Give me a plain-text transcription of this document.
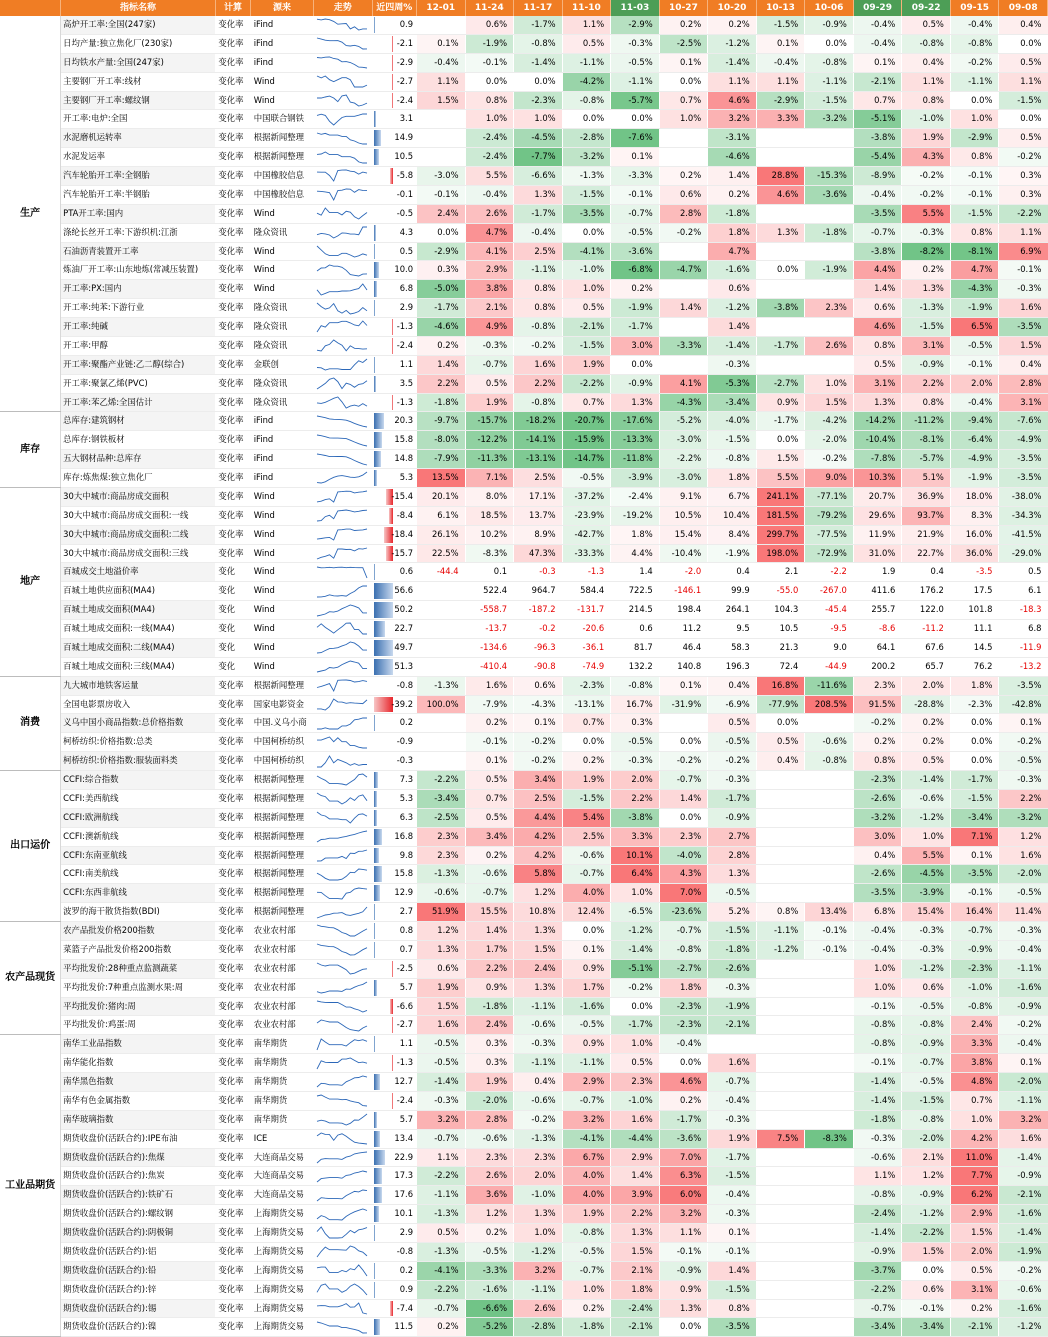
	指标名称	计算	源来	走势	近四周%	12-01	11-24	11-17	11-10	11-03	10-27	10-20	10-13	10-06	09-29	09-22	09-15	09-08
生产	高炉开工率:全国(247家)	变化率	iFind		0.9		0.6%	-1.7%	1.1%	-2.9%	0.2%	0.2%	-1.5%	-0.9%	-0.4%	0.5%	-0.4%	0.4%
	日均产量:独立焦化厂(230家)	变化率	iFind		-2.1	0.1%	-1.9%	-0.8%	0.5%	-0.3%	-2.5%	-1.2%	0.1%	0.0%	-0.4%	-0.8%	-0.8%	0.0%
	日均铁水产量:全国(247家)	变化率	iFind		-2.9	-0.4%	-0.1%	-1.4%	-1.1%	-0.5%	0.1%	-1.4%	-0.4%	-0.8%	0.1%	0.4%	-0.2%	0.5%
	主要钢厂开工率:线材	变化率	Wind		-2.7	1.1%	0.0%	0.0%	-4.2%	-1.1%	0.0%	1.1%	1.1%	-1.1%	-2.1%	1.1%	-1.1%	1.1%
	主要钢厂开工率:螺纹钢	变化率	Wind		-2.4	1.5%	0.8%	-2.3%	-0.8%	-5.7%	0.7%	4.6%	-2.9%	-1.5%	0.7%	0.8%	0.0%	-1.5%
	开工率:电炉:全国	变化率	中国联合钢铁		3.1		1.0%	1.0%	0.0%	0.0%	1.0%	3.2%	3.3%	-3.2%	-5.1%	-1.0%	1.0%	0.0%
	水泥磨机运转率	变化率	根据新闻整理		14.9		-2.4%	-4.5%	-2.8%	-7.6%		-3.1%			-3.8%	1.9%	-2.9%	0.5%
	水泥发运率	变化率	根据新闻整理		10.5		-2.4%	-7.7%	-3.2%	0.1%		-4.6%			-5.4%	4.3%	0.8%	-0.2%
	汽车轮胎开工率:全钢胎	变化率	中国橡胶信息		-5.8	-3.0%	5.5%	-6.6%	-1.3%	-3.3%	0.2%	1.4%	28.8%	-15.3%	-8.9%	-0.2%	-0.1%	0.3%
	汽车轮胎开工率:半钢胎	变化率	中国橡胶信息		-0.1	-0.1%	-0.4%	1.3%	-1.5%	-0.1%	0.6%	0.2%	4.6%	-3.6%	-0.4%	-0.2%	-0.1%	0.3%
	PTA开工率:国内	变化率	Wind		-0.5	2.4%	2.6%	-1.7%	-3.5%	-0.7%	2.8%	-1.8%			-3.5%	5.5%	-1.5%	-2.2%
	涤纶长丝开工率:下游织机:江浙	变化率	隆众资讯		4.3	0.0%	4.7%	-0.4%	0.0%	-0.5%	-0.2%	1.8%	1.3%	-1.8%	-0.7%	-0.3%	0.8%	1.1%
	石油沥青装置开工率	变化率	Wind		0.5	-2.9%	4.1%	2.5%	-4.1%	-3.6%		4.7%			-3.8%	-8.2%	-8.1%	6.9%
	炼油厂开工率:山东地炼(常减压装置)	变化率	Wind		10.0	0.3%	2.9%	-1.1%	-1.0%	-6.8%	-4.7%	-1.6%	0.0%	-1.9%	4.4%	0.2%	4.7%	-0.1%
	开工率:PX:国内	变化率	Wind		6.8	-5.0%	3.8%	0.8%	1.0%	0.2%		0.6%			1.4%	1.3%	-4.3%	-0.3%
	开工率:纯苯:下游行业	变化率	隆众资讯		2.9	-1.7%	2.1%	0.8%	0.5%	-1.9%	1.4%	-1.2%	-3.8%	2.3%	0.6%	-1.3%	-1.9%	1.6%
	开工率:纯碱	变化率	隆众资讯		-1.3	-4.6%	4.9%	-0.8%	-2.1%	-1.7%		1.4%			4.6%	-1.5%	6.5%	-3.5%
	开工率:甲醇	变化率	隆众资讯		-2.4	0.2%	-0.3%	-0.2%	-1.5%	3.0%	-3.3%	-1.4%	-1.7%	2.6%	0.8%	3.1%	-0.5%	1.5%
	开工率:聚酯产业链:乙二醇(综合)	变化率	金联创		1.1	1.4%	-0.7%	1.6%	1.9%	0.0%		-0.3%			0.5%	-0.9%	-0.1%	0.4%
	开工率:聚氯乙烯(PVC)	变化率	隆众资讯		3.5	2.2%	0.5%	2.2%	-2.2%	-0.9%	4.1%	-5.3%	-2.7%	1.0%	3.1%	2.2%	2.0%	2.8%
	开工率:苯乙烯:全国估计	变化率	隆众资讯		-1.3	-1.8%	1.9%	-0.8%	0.7%	1.3%	-4.3%	-3.4%	0.9%	1.5%	1.3%	0.8%	-0.4%	3.1%
库存	总库存:建筑钢材	变化率	iFind		20.3	-9.7%	-15.7%	-18.2%	-20.7%	-17.6%	-5.2%	-4.0%	-1.7%	-4.2%	-14.2%	-11.2%	-9.4%	-7.6%
	总库存:钢铁板材	变化率	iFind		15.8	-8.0%	-12.2%	-14.1%	-15.9%	-13.3%	-3.0%	-1.5%	0.0%	-2.0%	-10.4%	-8.1%	-6.4%	-4.9%
	五大钢材品种:总库存	变化率	iFind		14.8	-7.9%	-11.3%	-13.1%	-14.7%	-11.8%	-2.2%	-0.8%	1.5%	-0.2%	-7.8%	-5.7%	-4.9%	-3.5%
	库存:炼焦煤:独立焦化厂	变化率	iFind		5.3	13.5%	7.1%	2.5%	-0.5%	-3.9%	-3.0%	1.8%	5.5%	9.0%	10.3%	5.1%	-1.9%	-3.5%
地产	30大中城市:商品房成交面积	变化率	Wind		-15.4	20.1%	8.0%	17.1%	-37.2%	-2.4%	9.1%	6.7%	241.1%	-77.1%	20.7%	36.9%	18.0%	-38.0%
	30大中城市:商品房成交面积:一线	变化率	Wind		-8.4	6.1%	18.5%	13.7%	-23.9%	-19.2%	10.5%	10.4%	181.5%	-79.2%	29.6%	93.7%	8.3%	-34.3%
	30大中城市:商品房成交面积:二线	变化率	Wind		-18.4	26.1%	10.2%	8.9%	-42.7%	1.8%	15.4%	8.4%	299.7%	-77.5%	11.9%	21.9%	16.0%	-41.5%
	30大中城市:商品房成交面积:三线	变化率	Wind		-15.7	22.5%	-8.3%	47.3%	-33.3%	4.4%	-10.4%	-1.9%	198.0%	-72.9%	31.0%	22.7%	36.0%	-29.0%
	百城成交土地溢价率	变化	Wind		0.6	-44.4	0.1	-0.3	-1.3	1.4	-2.0	0.4	2.1	-2.2	1.9	0.4	-3.5	0.5
	百城土地供应面积(MA4)	变化	Wind		56.6		522.4	964.7	584.4	722.5	-146.1	99.9	-55.0	-267.0	411.6	176.2	17.5	6.1
	百城土地成交面积(MA4)	变化	Wind		50.2		-558.7	-187.2	-131.7	214.5	198.4	264.1	104.3	-45.4	255.7	122.0	101.8	-18.3
	百城土地成交面积:一线(MA4)	变化	Wind		22.7		-13.7	-0.2	-20.6	0.6	11.2	9.5	10.5	-9.5	-8.6	-11.2	11.1	6.8
	百城土地成交面积:二线(MA4)	变化	Wind		49.7		-134.6	-96.3	-36.1	81.7	46.4	58.3	21.3	9.0	64.1	67.6	14.5	-11.9
	百城土地成交面积:三线(MA4)	变化	Wind		51.3		-410.4	-90.8	-74.9	132.2	140.8	196.3	72.4	-44.9	200.2	65.7	76.2	-13.2
消费	九大城市地铁客运量	变化率	根据新闻整理		-0.8	-1.3%	1.6%	0.6%	-2.3%	-0.8%	0.1%	0.4%	16.8%	-11.6%	2.3%	2.0%	1.8%	-3.5%
	全国电影票房收入	变化率	国家电影资金		-39.2	100.0%	-7.9%	-4.3%	-13.1%	16.7%	-31.9%	-6.9%	-77.9%	208.5%	91.5%	-28.8%	-2.3%	-42.8%
	义乌中国小商品指数:总价格指数	变化率	中国.义乌小商		0.2		0.2%	0.1%	0.7%	0.3%		0.5%	0.0%		-0.2%	0.2%	0.0%	0.1%
	柯桥纺织:价格指数:总类	变化率	中国柯桥纺织		-0.9		-0.1%	-0.2%	0.0%	-0.5%	0.0%	-0.5%	0.5%	-0.6%	0.2%	0.2%	0.0%	-0.2%
	柯桥纺织:价格指数:服装面料类	变化率	中国柯桥纺织		-0.3		0.1%	-0.2%	0.2%	-0.3%	-0.2%	-0.2%	0.4%	-0.8%	0.8%	0.5%	0.0%	-0.5%
出口运价	CCFI:综合指数	变化率	根据新闻整理		7.3	-2.2%	0.5%	3.4%	1.9%	2.0%	-0.7%	-0.3%			-2.3%	-1.4%	-1.7%	-0.3%
	CCFI:美西航线	变化率	根据新闻整理		5.3	-3.4%	0.7%	2.5%	-1.5%	2.2%	1.4%	-1.7%			-2.6%	-0.6%	-1.5%	2.2%
	CCFI:欧洲航线	变化率	根据新闻整理		6.3	-2.5%	0.5%	4.4%	5.4%	-3.8%	0.0%	-0.9%			-3.2%	-1.2%	-3.4%	-3.2%
	CCFI:澳新航线	变化率	根据新闻整理		16.8	2.3%	3.4%	4.2%	2.5%	3.3%	2.3%	2.7%			3.0%	1.0%	7.1%	1.2%
	CCFI:东南亚航线	变化率	根据新闻整理		9.8	2.3%	0.2%	4.2%	-0.6%	10.1%	-4.0%	2.8%			0.4%	5.5%	0.1%	1.6%
	CCFI:南美航线	变化率	根据新闻整理		15.8	-1.3%	-0.6%	5.8%	-0.7%	6.4%	4.3%	1.3%			-2.6%	-4.5%	-3.5%	-2.0%
	CCFI:东西非航线	变化率	根据新闻整理		12.9	-0.6%	-0.7%	1.2%	4.0%	1.0%	7.0%	-0.5%			-3.5%	-3.9%	-0.1%	-0.5%
	波罗的海干散货指数(BDI)	变化率	根据新闻整理		2.7	51.9%	15.5%	10.8%	12.4%	-6.5%	-23.6%	5.2%	0.8%	13.4%	6.8%	15.4%	16.4%	11.4%
农产品现货	农产品批发价格200指数	变化率	农业农村部		0.8	1.2%	1.4%	1.3%	0.0%	-1.2%	-0.7%	-1.5%	-1.1%	-0.1%	-0.4%	-0.3%	-0.7%	-0.3%
	菜篮子产品批发价格200指数	变化率	农业农村部		0.7	1.3%	1.7%	1.5%	0.1%	-1.4%	-0.8%	-1.8%	-1.2%	-0.1%	-0.4%	-0.3%	-0.9%	-0.4%
	平均批发价:28种重点监测蔬菜	变化率	农业农村部		-2.5	0.6%	2.2%	2.4%	0.9%	-5.1%	-2.7%	-2.6%			1.0%	-1.2%	-2.3%	-1.1%
	平均批发价:7种重点监测水果:周	变化率	农业农村部		5.7	1.9%	0.9%	1.3%	1.7%	-0.2%	1.8%	-0.3%			1.0%	0.6%	-1.0%	-1.6%
	平均批发价:猪肉:周	变化率	农业农村部		-6.6	1.5%	-1.8%	-1.1%	-1.6%	0.0%	-2.3%	-1.9%			-0.1%	-0.5%	-0.8%	-0.9%
	平均批发价:鸡蛋:周	变化率	农业农村部		-2.7	1.6%	2.4%	-0.6%	-0.5%	-1.7%	-2.3%	-2.1%			-0.8%	-0.8%	2.4%	-0.2%
工业品期货	南华工业品指数	变化率	南华期货		1.1	-0.5%	0.3%	-0.3%	0.9%	1.0%	-0.4%				-0.8%	-0.9%	3.3%	-0.4%
	南华能化指数	变化率	南华期货		-1.3	-0.5%	0.3%	-1.1%	-1.1%	0.5%	0.0%	1.6%			-0.1%	-0.7%	3.8%	0.1%
	南华黑色指数	变化率	南华期货		12.7	-1.4%	1.9%	0.4%	2.9%	2.3%	4.6%	-0.7%			-1.4%	-0.5%	4.8%	-2.0%
	南华有色金属指数	变化率	南华期货		-2.4	-0.3%	-2.0%	-0.6%	-0.7%	-1.0%	0.2%	-0.4%			-1.4%	-1.5%	0.7%	-1.1%
	南华玻璃指数	变化率	南华期货		5.7	3.2%	2.8%	-0.2%	3.2%	1.6%	-1.7%	-0.3%			-1.8%	-0.8%	1.0%	3.2%
	期货收盘价(活跃合约):IPE布油	变化率	ICE		13.4	-0.7%	-0.6%	-1.3%	-4.1%	-4.4%	-3.6%	1.9%	7.5%	-8.3%	-0.3%	-2.0%	4.2%	1.6%
	期货收盘价(活跃合约):焦煤	变化率	大连商品交易		22.9	1.1%	2.3%	2.3%	6.7%	2.9%	7.0%	-1.7%			-0.6%	2.1%	11.0%	-1.4%
	期货收盘价(活跃合约):焦炭	变化率	大连商品交易		17.3	-2.2%	2.6%	2.0%	4.0%	1.4%	6.3%	-1.5%			1.1%	1.2%	7.7%	-0.9%
	期货收盘价(活跃合约):铁矿石	变化率	大连商品交易		17.6	-1.1%	3.6%	-1.0%	4.0%	3.9%	6.0%	-0.4%			-0.8%	-0.9%	6.2%	-2.1%
	期货收盘价(活跃合约):螺纹钢	变化率	上海期货交易		10.1	-1.3%	1.2%	1.3%	1.9%	2.2%	3.2%	-0.3%			-2.4%	-1.2%	2.9%	-1.6%
	期货收盘价(活跃合约):阴极铜	变化率	上海期货交易		2.9	0.5%	0.2%	1.0%	-0.8%	1.3%	1.1%	0.1%			-1.4%	-2.2%	1.5%	-1.4%
	期货收盘价(活跃合约):铝	变化率	上海期货交易		-0.8	-1.3%	-0.5%	-1.2%	-0.5%	1.5%	-0.1%	-0.1%			-0.9%	1.5%	2.0%	-1.9%
	期货收盘价(活跃合约):铅	变化率	上海期货交易		0.2	-4.1%	-3.3%	3.2%	-0.7%	2.1%	-0.9%	1.4%			-3.7%	0.0%	0.5%	-0.2%
	期货收盘价(活跃合约):锌	变化率	上海期货交易		0.9	-2.2%	-1.6%	-1.1%	1.0%	1.8%	0.9%	-1.5%			-2.2%	0.6%	3.1%	-0.6%
	期货收盘价(活跃合约):锡	变化率	上海期货交易		-7.4	-0.7%	-6.6%	2.6%	0.2%	-2.4%	1.3%	0.8%			-0.7%	-0.1%	0.2%	-1.6%
	期货收盘价(活跃合约):镍	变化率	上海期货交易		11.5	0.2%	-5.2%	-2.8%	-1.8%	-2.1%	0.0%	-3.5%			-3.4%	-3.4%	-2.1%	-1.2%
